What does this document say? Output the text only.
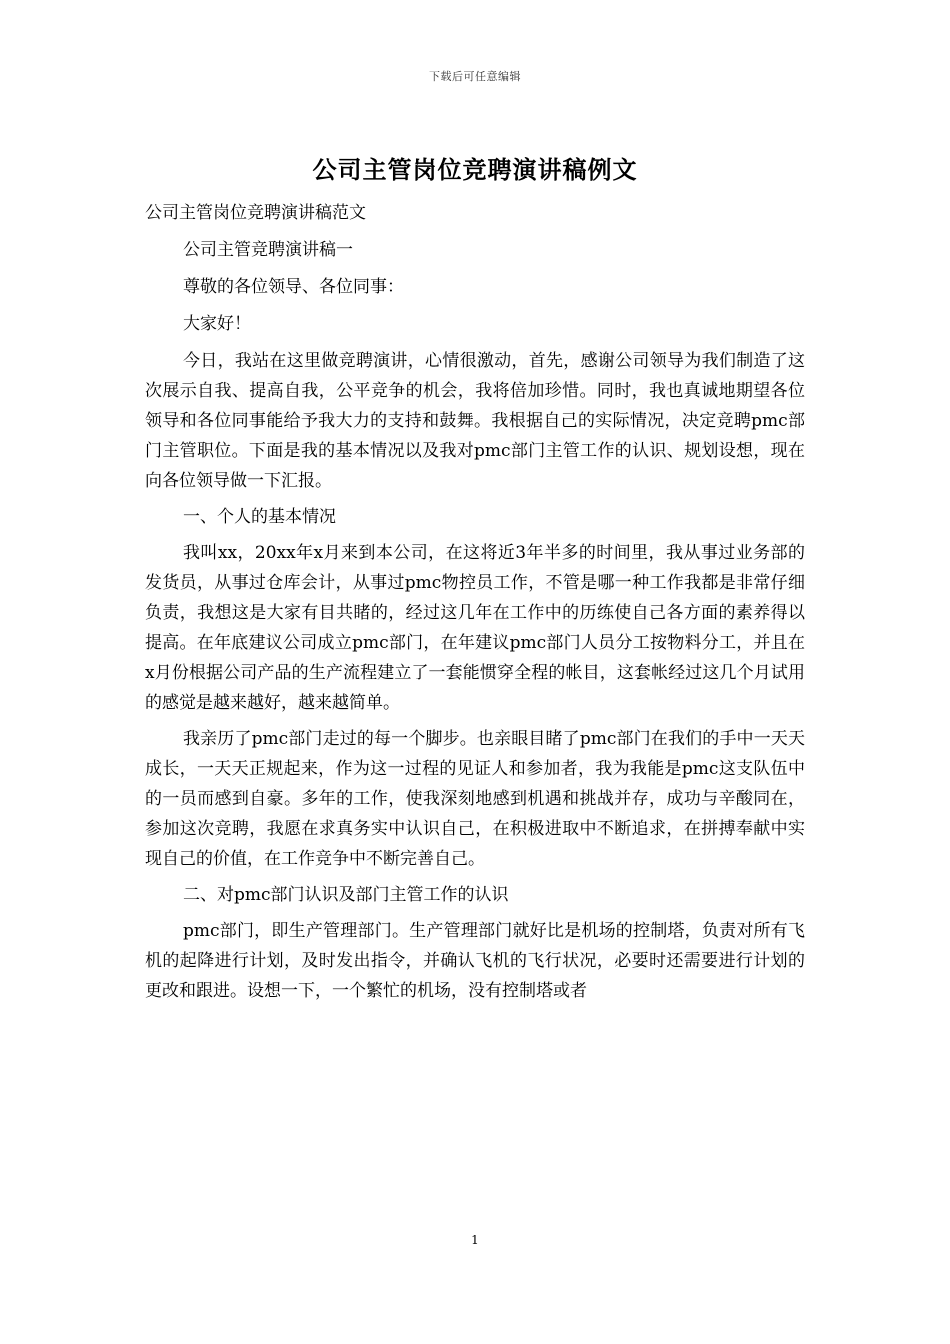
下载后可任意编辑
公司主管岗位竞聘演讲稿例文

公司主管岗位竞聘演讲稿范文

公司主管竞聘演讲稿一

尊敬的各位领导、各位同事：

大家好！

今日，我站在这里做竞聘演讲，心情很激动，首先，感谢公司领导为我们制造了这次展示自我、提高自我，公平竞争的机会，我将倍加珍惜。同时，我也真诚地期望各位领导和各位同事能给予我大力的支持和鼓舞。我根据自己的实际情况，决定竞聘pmc部门主管职位。下面是我的基本情况以及我对pmc部门主管工作的认识、规划设想，现在向各位领导做一下汇报。

一、个人的基本情况

我叫xx，20xx年x月来到本公司，在这将近3年半多的时间里，我从事过业务部的发货员，从事过仓库会计，从事过pmc物控员工作，不管是哪一种工作我都是非常仔细负责，我想这是大家有目共睹的，经过这几年在工作中的历练使自己各方面的素养得以提高。在年底建议公司成立pmc部门，在年建议pmc部门人员分工按物料分工，并且在x月份根据公司产品的生产流程建立了一套能惯穿全程的帐目，这套帐经过这几个月试用的感觉是越来越好，越来越简单。

我亲历了pmc部门走过的每一个脚步。也亲眼目睹了pmc部门在我们的手中一天天成长，一天天正规起来，作为这一过程的见证人和参加者，我为我能是pmc这支队伍中的一员而感到自豪。多年的工作，使我深刻地感到机遇和挑战并存，成功与辛酸同在，参加这次竞聘，我愿在求真务实中认识自己，在积极进取中不断追求，在拼搏奉献中实现自己的价值，在工作竞争中不断完善自己。

二、对pmc部门认识及部门主管工作的认识

pmc部门，即生产管理部门。生产管理部门就好比是机场的控制塔，负责对所有飞机的起降进行计划，及时发出指令，并确认飞机的飞行状况，必要时还需要进行计划的更改和跟进。设想一下，一个繁忙的机场，没有控制塔或者

1
